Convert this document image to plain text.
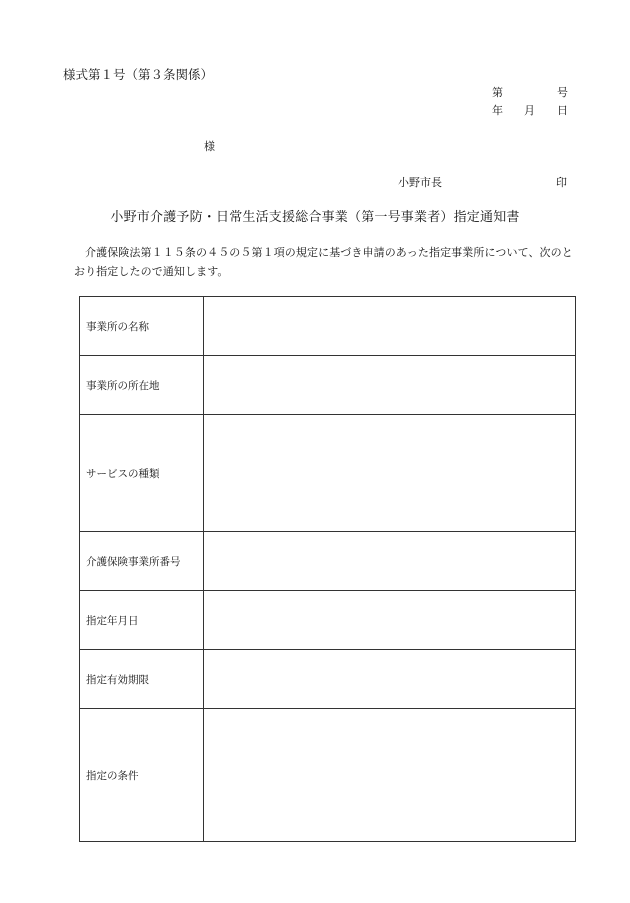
様式第１号（第３条関係）
第	号
年 月 日
様
小野市長	印
小野市介護予防・日常生活支援総合事業（第一号事業者）指定通知書
介護保険法第１１５条の４５の５第１項の規定に基づき申請のあった指定事業所について、次のとおり指定したので通知します。
事業所の名称	
事業所の所在地	
サービスの種類	
介護保険事業所番号	
指定年月日	
指定有効期限	
指定の条件	
